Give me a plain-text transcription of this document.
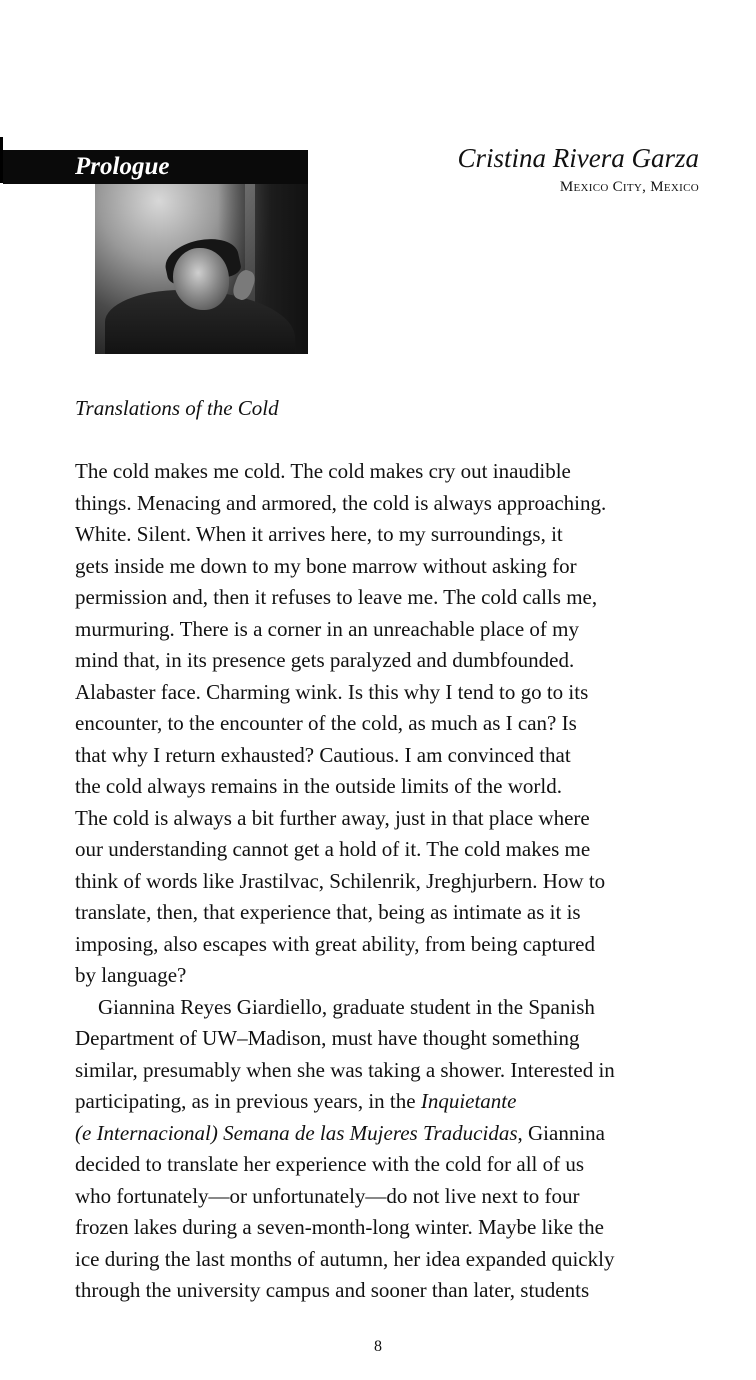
Prologue	Cristina Rivera Garza
Mexico City, Mexico
Translations of the Cold
The cold makes me cold. The cold makes cry out inaudible
things. Menacing and armored, the cold is always approaching.
White. Silent. When it arrives here, to my surroundings, it
gets inside me down to my bone marrow without asking for
permission and, then it refuses to leave me. The cold calls me,
murmuring. There is a corner in an unreachable place of my
mind that, in its presence gets paralyzed and dumbfounded.
Alabaster face. Charming wink. Is this why I tend to go to its
encounter, to the encounter of the cold, as much as I can? Is
that why I return exhausted? Cautious. I am convinced that
the cold always remains in the outside limits of the world.
The cold is always a bit further away, just in that place where
our understanding cannot get a hold of it. The cold makes me
think of words like Jrastilvac, Schilenrik, Jreghjurbern. How to
translate, then, that experience that, being as intimate as it is
imposing, also escapes with great ability, from being captured
by language?
Giannina Reyes Giardiello, graduate student in the Spanish
Department of UW–Madison, must have thought something
similar, presumably when she was taking a shower. Interested in
participating, as in previous years, in the Inquietante
(e Internacional) Semana de las Mujeres Traducidas, Giannina
decided to translate her experience with the cold for all of us
who fortunately—or unfortunately—do not live next to four
frozen lakes during a seven-month-long winter. Maybe like the
ice during the last months of autumn, her idea expanded quickly
through the university campus and sooner than later, students
8
